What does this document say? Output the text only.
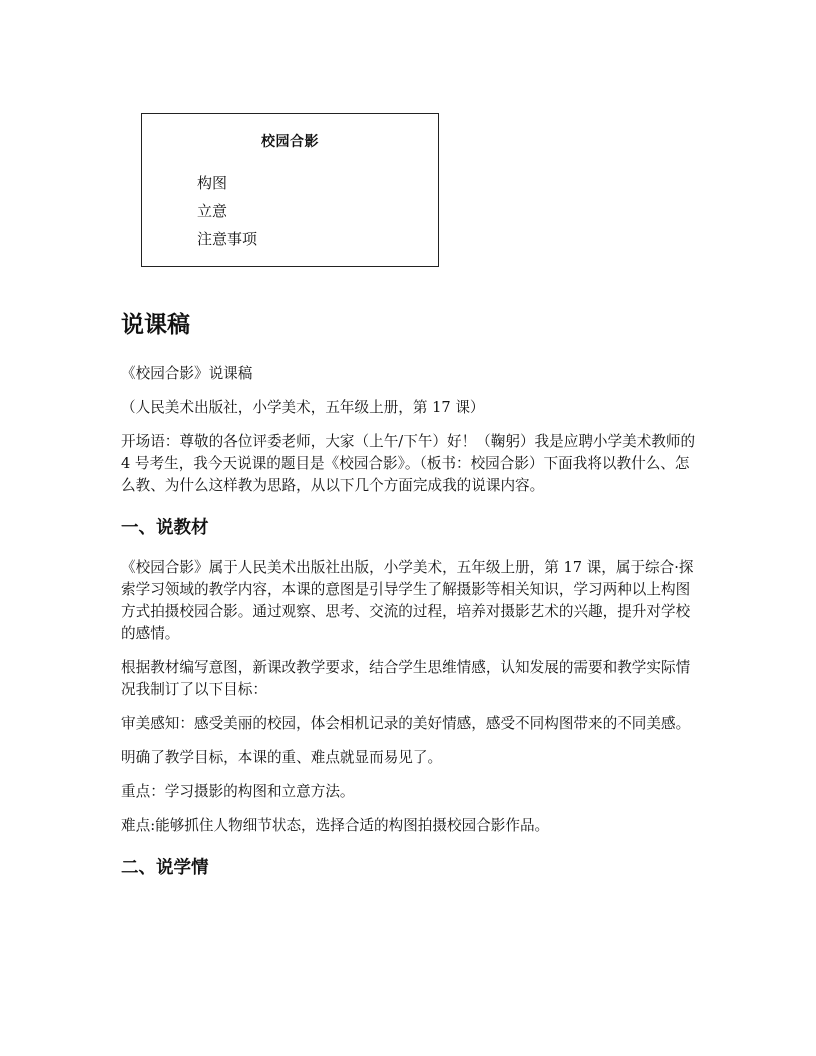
校园合影
构图
立意
注意事项
说课稿

《校园合影》说课稿

（人民美术出版社，小学美术，五年级上册，第 17 课）

开场语：尊敬的各位评委老师，大家（上午/下午）好！（鞠躬）我是应聘小学美术教师的 4 号考生，我今天说课的题目是《校园合影》。（板书：校园合影）下面我将以教什么、怎么教、为什么这样教为思路，从以下几个方面完成我的说课内容。

一、说教材

《校园合影》属于人民美术出版社出版，小学美术，五年级上册，第 17 课，属于综合·探索学习领域的教学内容，本课的意图是引导学生了解摄影等相关知识，学习两种以上构图方式拍摄校园合影。通过观察、思考、交流的过程，培养对摄影艺术的兴趣，提升对学校的感情。

根据教材编写意图，新课改教学要求，结合学生思维情感，认知发展的需要和教学实际情况我制订了以下目标：

审美感知：感受美丽的校园，体会相机记录的美好情感，感受不同构图带来的不同美感。

明确了教学目标，本课的重、难点就显而易见了。

重点：学习摄影的构图和立意方法。

难点:能够抓住人物细节状态，选择合适的构图拍摄校园合影作品。

二、说学情
